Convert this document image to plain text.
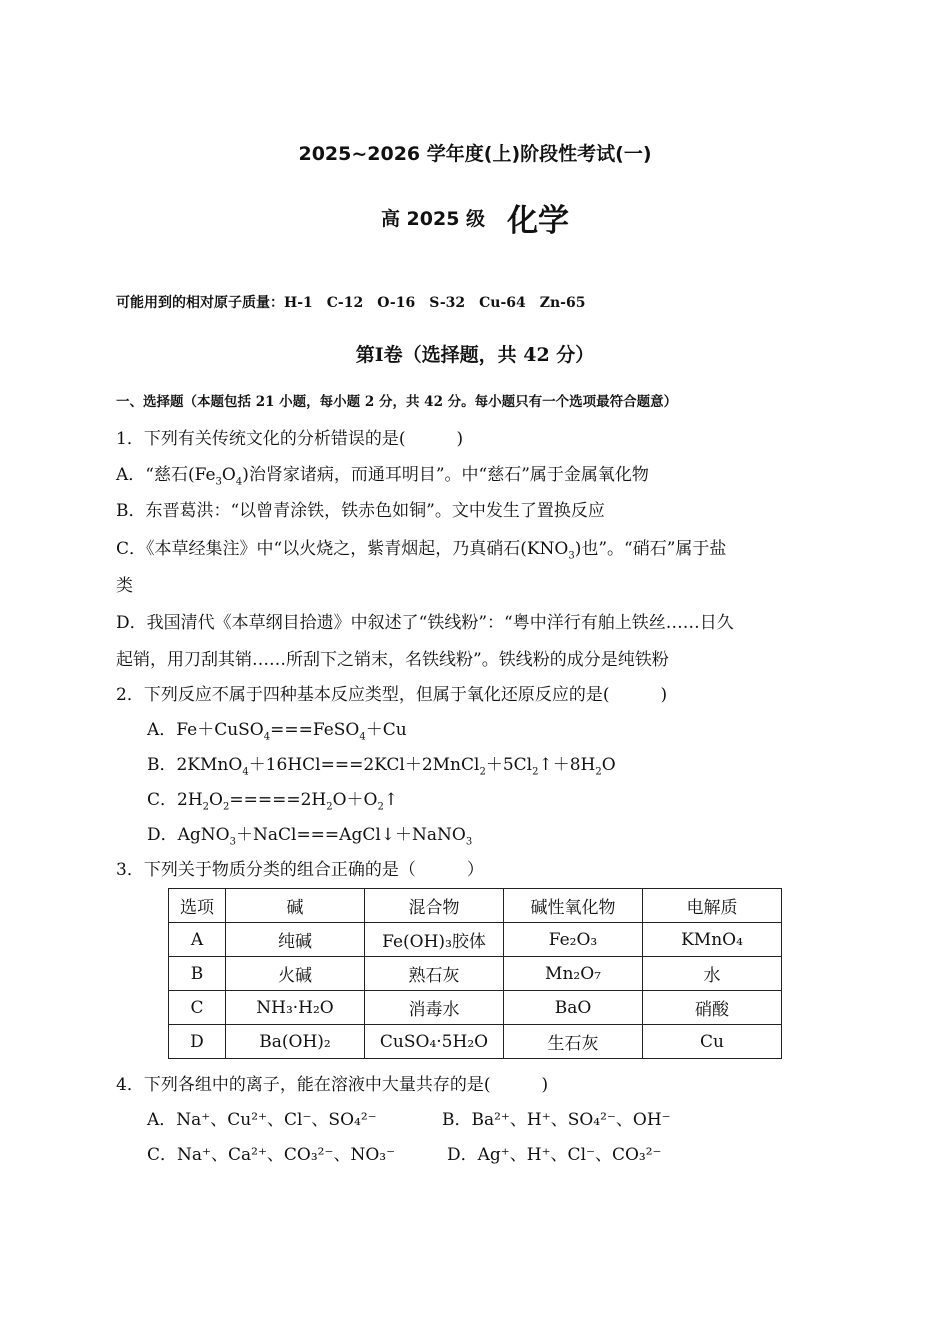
2025~2026 学年度(上)阶段性考试(一)
高 2025 级 化学
可能用到的相对原子质量：H-1 C-12 O-16 S-32 Cu-64 Zn-65
第Ⅰ卷（选择题，共 42 分）
一、选择题（本题包括 21 小题，每小题 2 分，共 42 分。每小题只有一个选项最符合题意）
1．下列有关传统文化的分析错误的是(　　　)
A．“慈石$(Fe_3O_4)$治肾家诸病，而通耳明目”。中“慈石”属于金属氧化物
B．东晋葛洪：“以曾青涂铁，铁赤色如铜”。文中发生了置换反应
C．《本草经集注》中“以火烧之，紫青烟起，乃真硝石$(KNO_3)$也”。“硝石”属于盐
类
D．我国清代《本草纲目拾遗》中叙述了“铁线粉”：“粤中洋行有舶上铁丝……日久
起销，用刀刮其销……所刮下之销末，名铁线粉”。铁线粉的成分是纯铁粉
2．下列反应不属于四种基本反应类型，但属于氧化还原反应的是(　　　)
A．Fe＋CuSO$_4$===FeSO$_4$＋Cu
B．$2KMnO_4+16HCl===2KCl+2MnCl_2+5Cl_2↑+8H_2O$
C．$2H_2O_2=====2H_2O+O_2↑$
D．AgNO$_3$＋NaCl===AgCl↓＋NaNO$_3$
3．下列关于物质分类的组合正确的是（　　　）
选项	碱	混合物	碱性氧化物	电解质
A	纯碱	Fe(OH)₃胶体	Fe₂O₃	KMnO₄
B	火碱	熟石灰	Mn₂O₇	水
C	NH₃·H₂O	消毒水	BaO	硝酸
D	Ba(OH)₂	CuSO₄·5H₂O	生石灰	Cu
4．下列各组中的离子，能在溶液中大量共存的是(　　　)
A．Na⁺、Cu²⁺、Cl⁻、SO₄²⁻	B．Ba²⁺、H⁺、SO₄²⁻、OH⁻
C．Na⁺、Ca²⁺、CO₃²⁻、NO₃⁻	D．Ag⁺、H⁺、Cl⁻、CO₃²⁻
